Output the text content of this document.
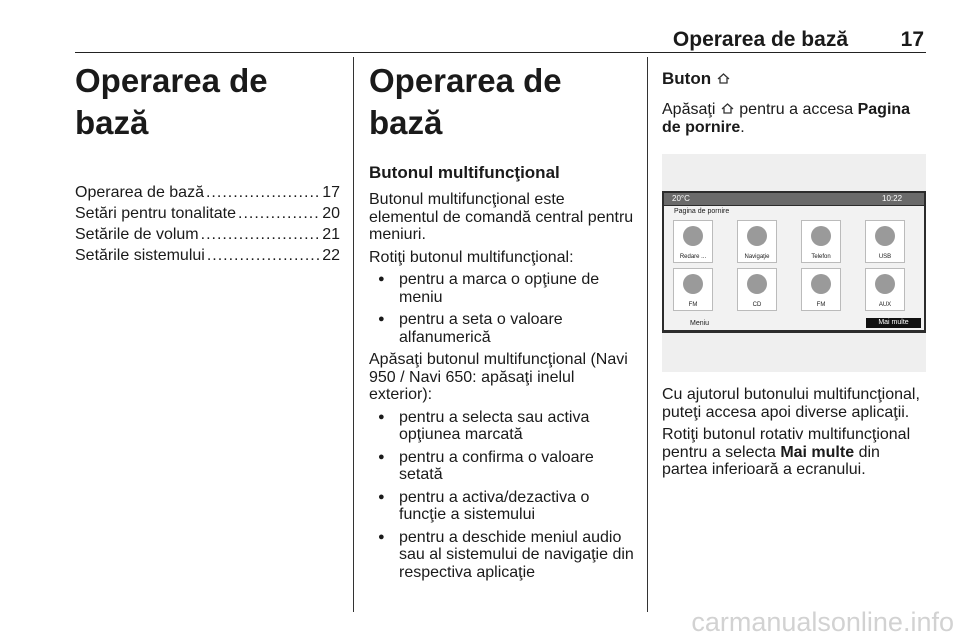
Operarea de bază	17
Operarea de bază
Operarea de bază .....	17
Setări pentru tonalitate .....	20
Setările de volum .....	21
Setările sistemului .....	22
Operarea de bază
Butonul multifuncţional

Butonul multifuncţional este elementul de comandă central pentru meniuri.

Rotiţi butonul multifuncţional:

● pentru a marca o opţiune de meniu
● pentru a seta o valoare alfanumerică

Apăsaţi butonul multifuncţional (Navi 950 / Navi 650: apăsaţi inelul exterior):

● pentru a selecta sau activa opţiunea marcată
● pentru a confirma o valoare setată
● pentru a activa/dezactiva o funcţie a sistemului
● pentru a deschide meniul audio sau al sistemului de navigaţie din respectiva aplicaţie
Buton

Apăsaţi pentru a accesa Pagina de pornire.

20°C	10:22
Pagina de pornire
Redare ...	Navigaţie	Telefon	USB
FM	CD	FM	AUX
Meniu	Mai multe

Cu ajutorul butonului multifuncţional, puteţi accesa apoi diverse aplicaţii.

Rotiţi butonul rotativ multifuncţional pentru a selecta Mai multe din partea inferioară a ecranului.

carmanualsonline.info
